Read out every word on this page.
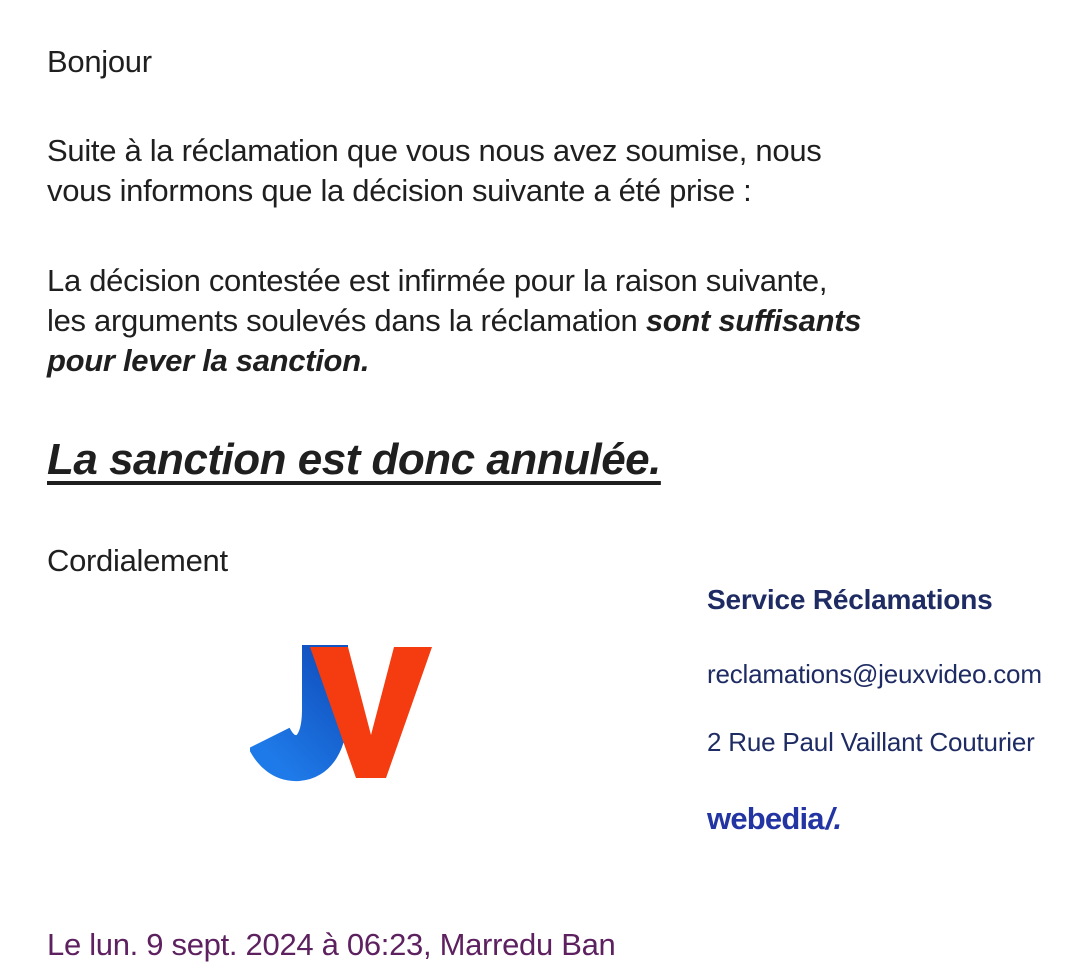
Bonjour
Suite à la réclamation que vous nous avez soumise, nous
vous informons que la décision suivante a été prise :
La décision contestée est infirmée pour la raison suivante,
les arguments soulevés dans la réclamation sont suffisants
pour lever la sanction.
La sanction est donc annulée.
Cordialement
Service Réclamations
reclamations@jeuxvideo.com
2 Rue Paul Vaillant Couturier
webedia/.
Le lun. 9 sept. 2024 à 06:23, Marredu Ban
